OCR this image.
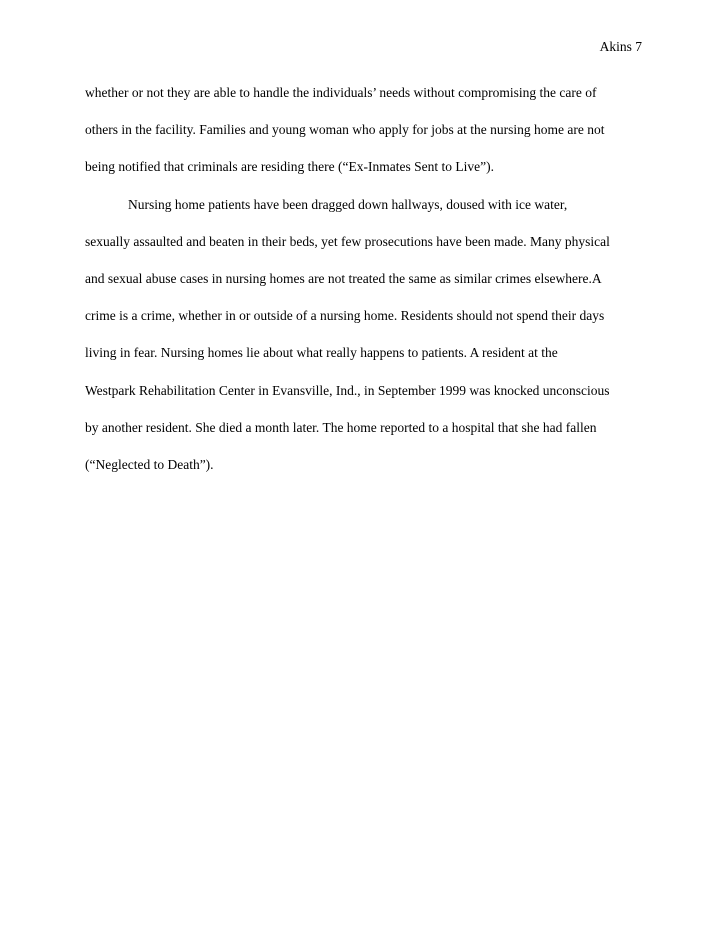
Akins 7
whether or not they are able to handle the individuals’ needs without compromising the care of
others in the facility. Families and young woman who apply for jobs at the nursing home are not
being notified that criminals are residing there (“Ex-Inmates Sent to Live”).
Nursing home patients have been dragged down hallways, doused with ice water,
sexually assaulted and beaten in their beds, yet few prosecutions have been made. Many physical
and sexual abuse cases in nursing homes are not treated the same as similar crimes elsewhere.A
crime is a crime, whether in or outside of a nursing home. Residents should not spend their days
living in fear. Nursing homes lie about what really happens to patients. A resident at the
Westpark Rehabilitation Center in Evansville, Ind., in September 1999 was knocked unconscious
by another resident. She died a month later. The home reported to a hospital that she had fallen
(“Neglected to Death”).
